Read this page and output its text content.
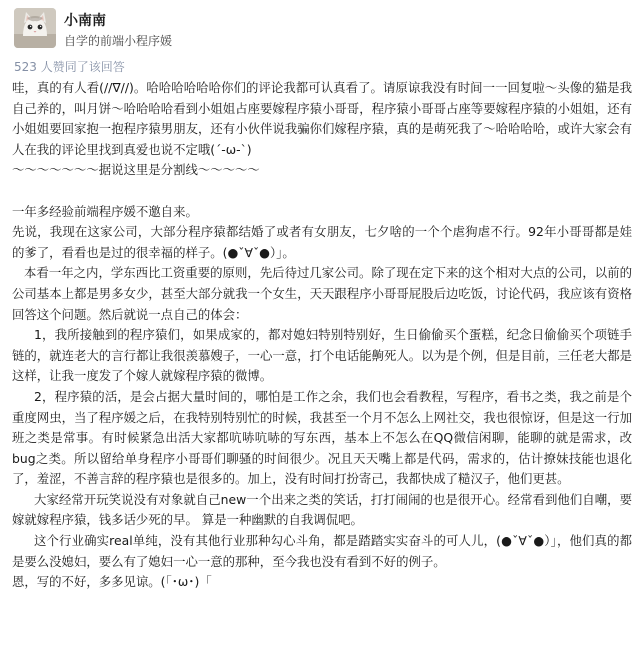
小南南
自学的前端小程序媛
523 人赞同了该回答

哇，真的有人看(//∇//)。哈哈哈哈哈哈你们的评论我都可认真看了。请原谅我没有时间一一回复啦～头像的猫是我自己养的，叫月饼～哈哈哈哈看到小姐姐占座要嫁程序猿小哥哥，程序猿小哥哥占座等要嫁程序猿的小姐姐，还有小姐姐要回家抱一抱程序猿男朋友，还有小伙伴说我骗你们嫁程序猿，真的是萌死我了～哈哈哈哈，或许大家会有人在我的评论里找到真爱也说不定哦(´-ω-`)

～～～～～～～据说这里是分割线～～～～～

一年多经验前端程序媛不邀自来。

先说，我现在这家公司，大部分程序猿都结婚了或者有女朋友，七夕啥的一个个虐狗虐不行。92年小哥哥都是娃的爹了，看看也是过的很幸福的样子。(●ˇ∀ˇ●）」。

本看一年之内，学东西比工资重要的原则，先后待过几家公司。除了现在定下来的这个相对大点的公司，以前的公司基本上都是男多女少，甚至大部分就我一个女生，天天跟程序小哥哥屁股后边吃饭，讨论代码，我应该有资格回答这个问题。然后就说一点自己的体会：

1，我所接触到的程序猿们，如果成家的，都对媳妇特别特别好，生日偷偷买个蛋糕，纪念日偷偷买个项链手链的，就连老大的言行都让我很羡慕嫂子，一心一意，打个电话能齁死人。以为是个例，但是目前，三任老大都是这样，让我一度发了个嫁人就嫁程序猿的微博。

2，程序猿的活，是会占据大量时间的，哪怕是工作之余，我们也会看教程，写程序，看书之类，我之前是个重度网虫，当了程序媛之后，在我特别特别忙的时候，我甚至一个月不怎么上网社交，我也很惊讶，但是这一行加班之类是常事。有时候紧急出活大家都吭哧吭哧的写东西，基本上不怎么在QQ微信闲聊，能聊的就是需求，改bug之类。所以留给单身程序小哥哥们聊骚的时间很少。况且天天嘴上都是代码，需求的，估计撩妹技能也退化了，羞涩，不善言辞的程序猿也是很多的。加上，没有时间打扮寄己，我都快成了糙汉子，他们更甚。

大家经常开玩笑说没有对象就自己new一个出来之类的笑话，打打闹闹的也是很开心。经常看到他们自嘲，要嫁就嫁程序猿，钱多话少死的早。 算是一种幽默的自我调侃吧。

这个行业确实real单纯，没有其他行业那种勾心斗角，都是踏踏实实奋斗的可人儿，(●ˇ∀ˇ●）」，他们真的都是要么没媳妇，要么有了媳妇一心一意的那种，至今我也没有看到不好的例子。

恩，写的不好，多多见谅。(「･ω･)「
